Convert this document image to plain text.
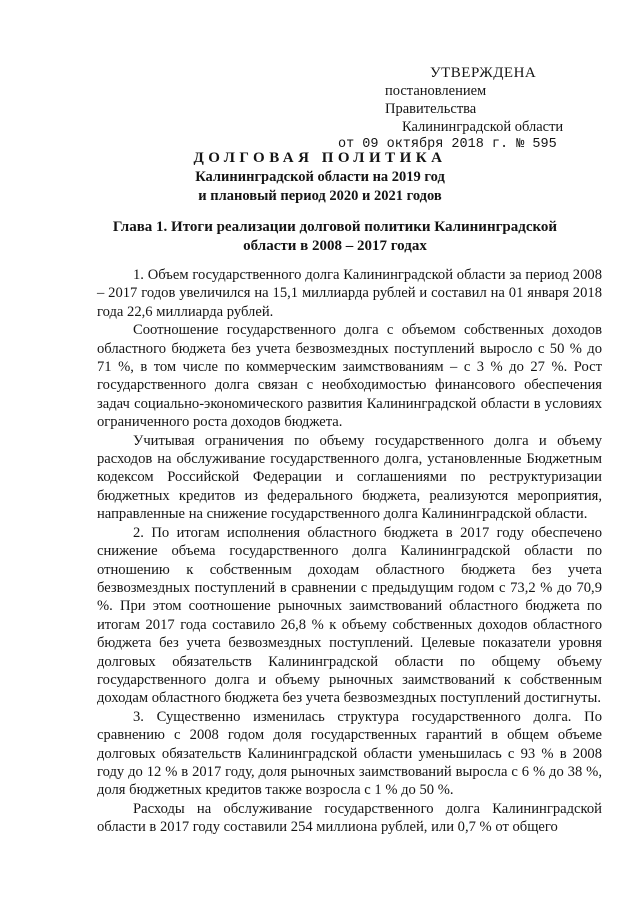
УТВЕРЖДЕНА
постановлением Правительства
Калининградской области
от 09 октября 2018 г. № 595
ДОЛГОВАЯ ПОЛИТИКА
Калининградской области на 2019 год
и плановый период 2020 и 2021 годов
Глава 1. Итоги реализации долговой политики Калининградской
области в 2008 – 2017 годах

1. Объем государственного долга Калининградской области за период 2008 – 2017 годов увеличился на 15,1 миллиарда рублей и составил на 01 января 2018 года 22,6 миллиарда рублей.

Соотношение государственного долга с объемом собственных доходов областного бюджета без учета безвозмездных поступлений выросло с 50 % до 71 %, в том числе по коммерческим заимствованиям – с 3 % до 27 %. Рост государственного долга связан с необходимостью финансового обеспечения задач социально-экономического развития Калининградской области в условиях ограниченного роста доходов бюджета.

Учитывая ограничения по объему государственного долга и объему расходов на обслуживание государственного долга, установленные Бюджетным кодексом Российской Федерации и соглашениями по реструктуризации бюджетных кредитов из федерального бюджета, реализуются мероприятия, направленные на снижение государственного долга Калининградской области.

2. По итогам исполнения областного бюджета в 2017 году обеспечено снижение объема государственного долга Калининградской области по отношению к собственным доходам областного бюджета без учета безвозмездных поступлений в сравнении с предыдущим годом с 73,2 % до 70,9 %. При этом соотношение рыночных заимствований областного бюджета по итогам 2017 года составило 26,8 % к объему собственных доходов областного бюджета без учета безвозмездных поступлений. Целевые показатели уровня долговых обязательств Калининградской области по общему объему государственного долга и объему рыночных заимствований к собственным доходам областного бюджета без учета безвозмездных поступлений достигнуты.

3. Существенно изменилась структура государственного долга. По сравнению с 2008 годом доля государственных гарантий в общем объеме долговых обязательств Калининградской области уменьшилась с 93 % в 2008 году до 12 % в 2017 году, доля рыночных заимствований выросла с 6 % до 38 %, доля бюджетных кредитов также возросла с 1 % до 50 %.

Расходы на обслуживание государственного долга Калининградской области в 2017 году составили 254 миллиона рублей, или 0,7 % от общего
